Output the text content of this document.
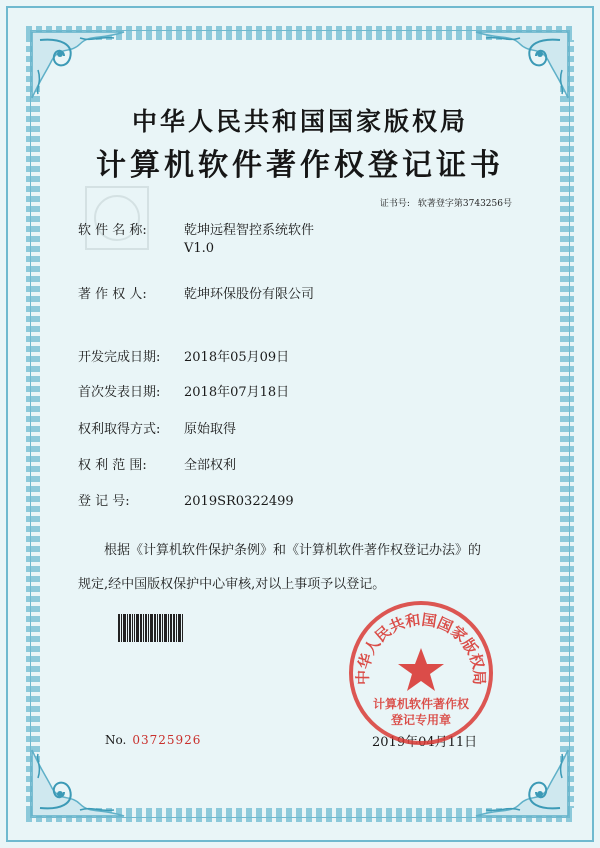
中华人民共和国国家版权局
计算机软件著作权登记证书
证书号: 软著登字第3743256号
软 件 名 称:	乾坤远程智控系统软件
V1.0
著 作 权 人:	乾坤环保股份有限公司
开发完成日期: 2018年05月09日
首次发表日期: 2018年07月18日
权利取得方式: 原始取得
权 利 范 围:	全部权利
登 记 号:	2019SR0322499
根据《计算机软件保护条例》和《计算机软件著作权登记办法》的
规定,经中国版权保护中心审核,对以上事项予以登记。
No. 03725926	2019年04月11日
中华人民共和国国家版权局
计算机软件著作权
登记专用章
